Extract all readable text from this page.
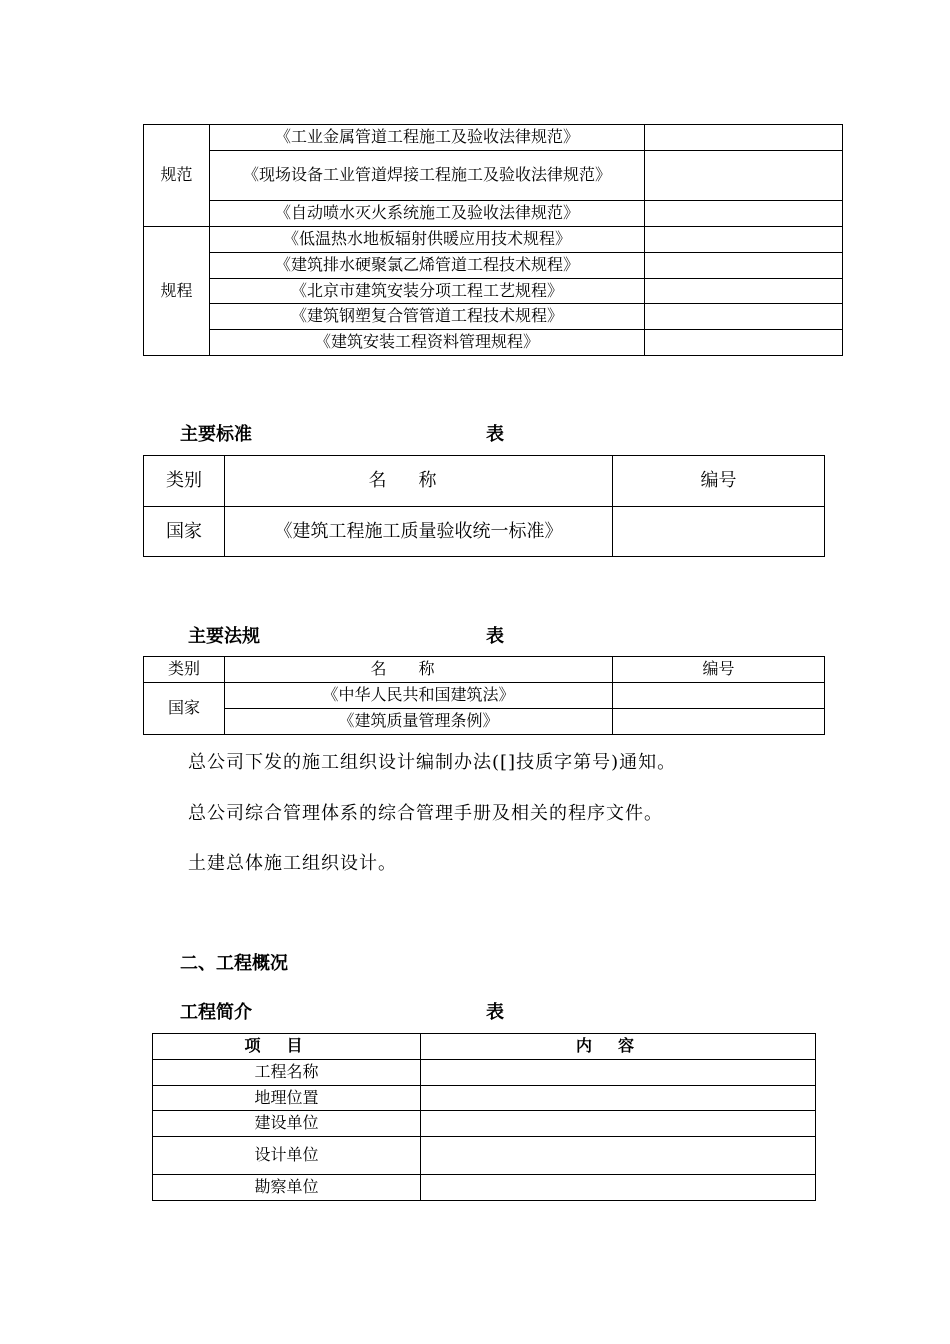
规范	《工业金属管道工程施工及验收法律规范》	
	《现场设备工业管道焊接工程施工及验收法律规范》	
	《自动喷水灭火系统施工及验收法律规范》	
规程	《低温热水地板辐射供暖应用技术规程》	
	《建筑排水硬聚氯乙烯管道工程技术规程》	
	《北京市建筑安装分项工程工艺规程》	
	《建筑钢塑复合管管道工程技术规程》	
	《建筑安装工程资料管理规程》	
主要标准	表
类别	名称	编号
国家	《建筑工程施工质量验收统一标准》	
主要法规	表
类别	名称	编号
国家	《中华人民共和国建筑法》	
	《建筑质量管理条例》	
总公司下发的施工组织设计编制办法([]技质字第号)通知。
总公司综合管理体系的综合管理手册及相关的程序文件。
土建总体施工组织设计。
二、工程概况
工程简介	表
项目	内容
工程名称	
地理位置	
建设单位	
设计单位	
勘察单位	
